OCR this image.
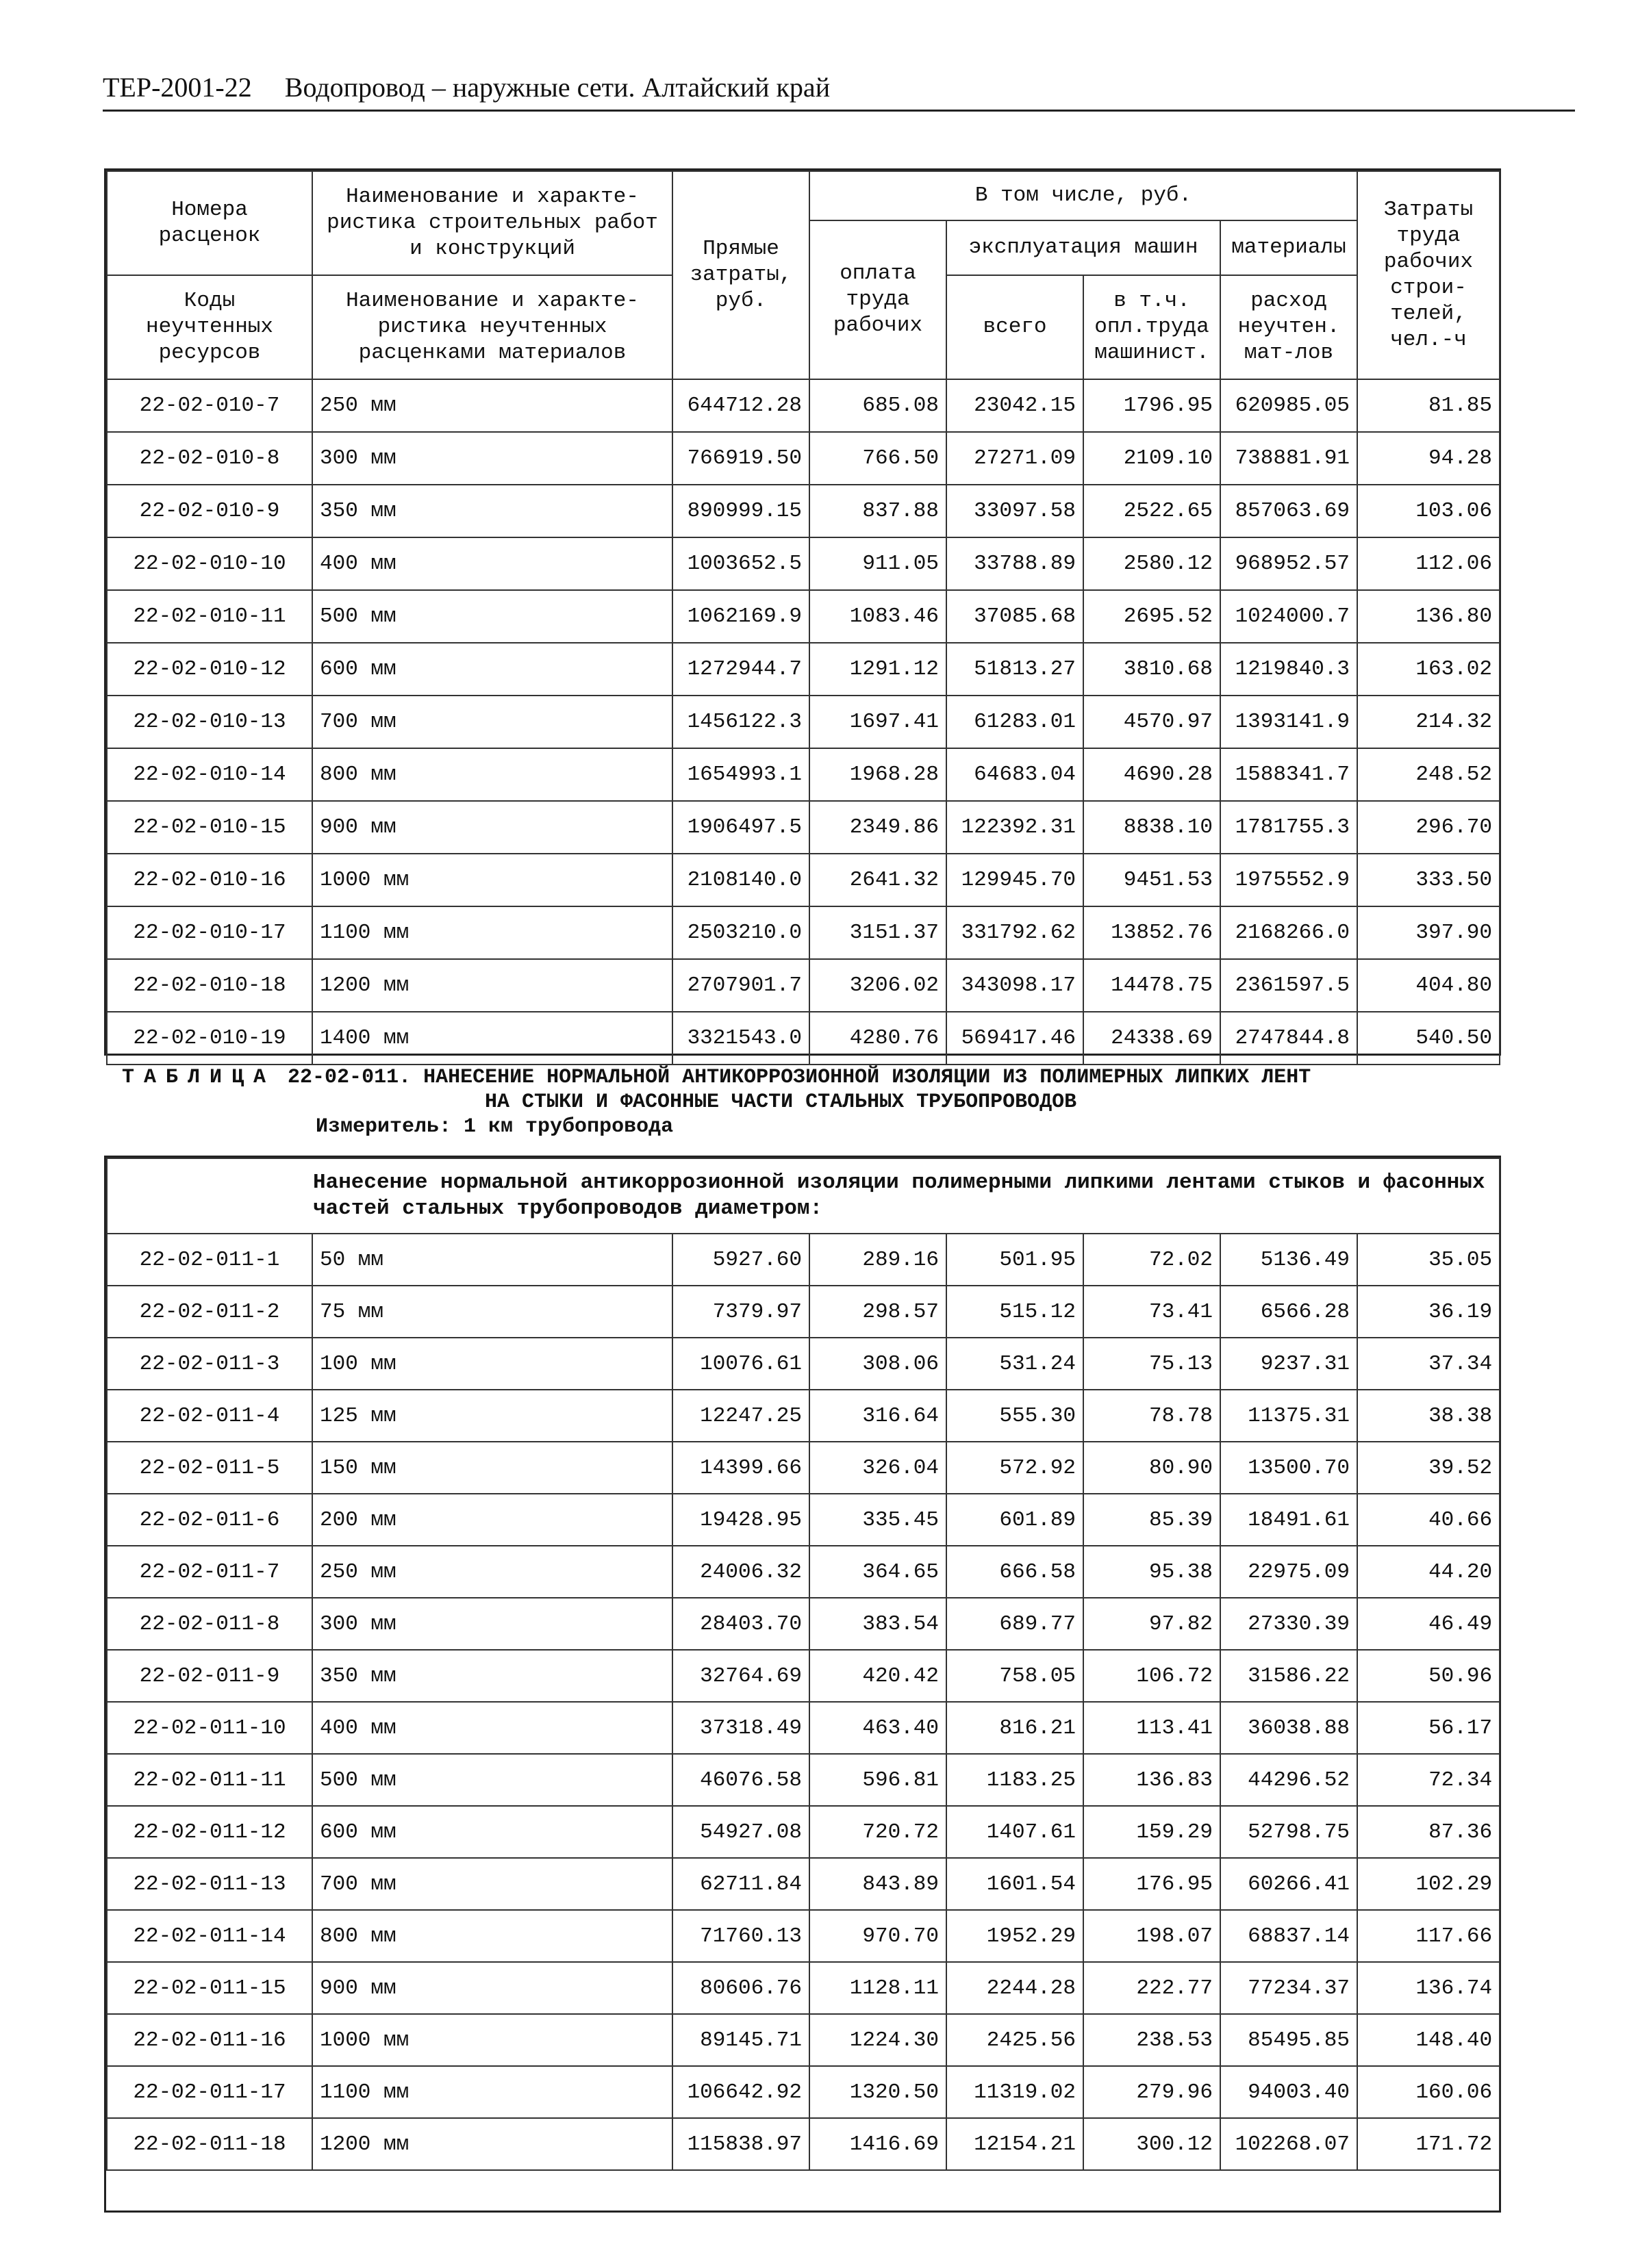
ТЕР-2001-22 Водопровод – наружные сети. Алтайский край
Номера расценок	Наименование и характе-ристика строительных работ и конструкций	Прямые затраты, руб.	В том числе, руб.				Затраты труда рабочих строи-телей, чел.-ч
			оплата труда рабочих	эксплуатация машин		материалы	
Коды неучтенных ресурсов	Наименование и характе-ристика неучтенных расценками материалов			всего	в т.ч. опл.труда машинист.	расход неучтен. мат-лов	

22-02-010-7	250 мм	644712.28	685.08	23042.15	1796.95	620985.05	81.85
22-02-010-8	300 мм	766919.50	766.50	27271.09	2109.10	738881.91	94.28
22-02-010-9	350 мм	890999.15	837.88	33097.58	2522.65	857063.69	103.06
22-02-010-10	400 мм	1003652.5	911.05	33788.89	2580.12	968952.57	112.06
22-02-010-11	500 мм	1062169.9	1083.46	37085.68	2695.52	1024000.7	136.80
22-02-010-12	600 мм	1272944.7	1291.12	51813.27	3810.68	1219840.3	163.02
22-02-010-13	700 мм	1456122.3	1697.41	61283.01	4570.97	1393141.9	214.32
22-02-010-14	800 мм	1654993.1	1968.28	64683.04	4690.28	1588341.7	248.52
22-02-010-15	900 мм	1906497.5	2349.86	122392.31	8838.10	1781755.3	296.70
22-02-010-16	1000 мм	2108140.0	2641.32	129945.70	9451.53	1975552.9	333.50
22-02-010-17	1100 мм	2503210.0	3151.37	331792.62	13852.76	2168266.0	397.90
22-02-010-18	1200 мм	2707901.7	3206.02	343098.17	14478.75	2361597.5	404.80
22-02-010-19	1400 мм	3321543.0	4280.76	569417.46	24338.69	2747844.8	540.50
ТАБЛИЦА 22-02-011. НАНЕСЕНИЕ НОРМАЛЬНОЙ АНТИКОРРОЗИОННОЙ ИЗОЛЯЦИИ ИЗ ПОЛИМЕРНЫХ ЛИПКИХ ЛЕНТ
НА СТЫКИ И ФАСОННЫЕ ЧАСТИ СТАЛЬНЫХ ТРУБОПРОВОДОВ
Измеритель: 1 км трубопровода
Нанесение нормальной антикоррозионной изоляции полимерными липкими лентами стыков и фасонных частей стальных трубопроводов диаметром:							
22-02-011-1	50 мм	5927.60	289.16	501.95	72.02	5136.49	35.05
22-02-011-2	75 мм	7379.97	298.57	515.12	73.41	6566.28	36.19
22-02-011-3	100 мм	10076.61	308.06	531.24	75.13	9237.31	37.34
22-02-011-4	125 мм	12247.25	316.64	555.30	78.78	11375.31	38.38
22-02-011-5	150 мм	14399.66	326.04	572.92	80.90	13500.70	39.52
22-02-011-6	200 мм	19428.95	335.45	601.89	85.39	18491.61	40.66
22-02-011-7	250 мм	24006.32	364.65	666.58	95.38	22975.09	44.20
22-02-011-8	300 мм	28403.70	383.54	689.77	97.82	27330.39	46.49
22-02-011-9	350 мм	32764.69	420.42	758.05	106.72	31586.22	50.96
22-02-011-10	400 мм	37318.49	463.40	816.21	113.41	36038.88	56.17
22-02-011-11	500 мм	46076.58	596.81	1183.25	136.83	44296.52	72.34
22-02-011-12	600 мм	54927.08	720.72	1407.61	159.29	52798.75	87.36
22-02-011-13	700 мм	62711.84	843.89	1601.54	176.95	60266.41	102.29
22-02-011-14	800 мм	71760.13	970.70	1952.29	198.07	68837.14	117.66
22-02-011-15	900 мм	80606.76	1128.11	2244.28	222.77	77234.37	136.74
22-02-011-16	1000 мм	89145.71	1224.30	2425.56	238.53	85495.85	148.40
22-02-011-17	1100 мм	106642.92	1320.50	11319.02	279.96	94003.40	160.06
22-02-011-18	1200 мм	115838.97	1416.69	12154.21	300.12	102268.07	171.72
